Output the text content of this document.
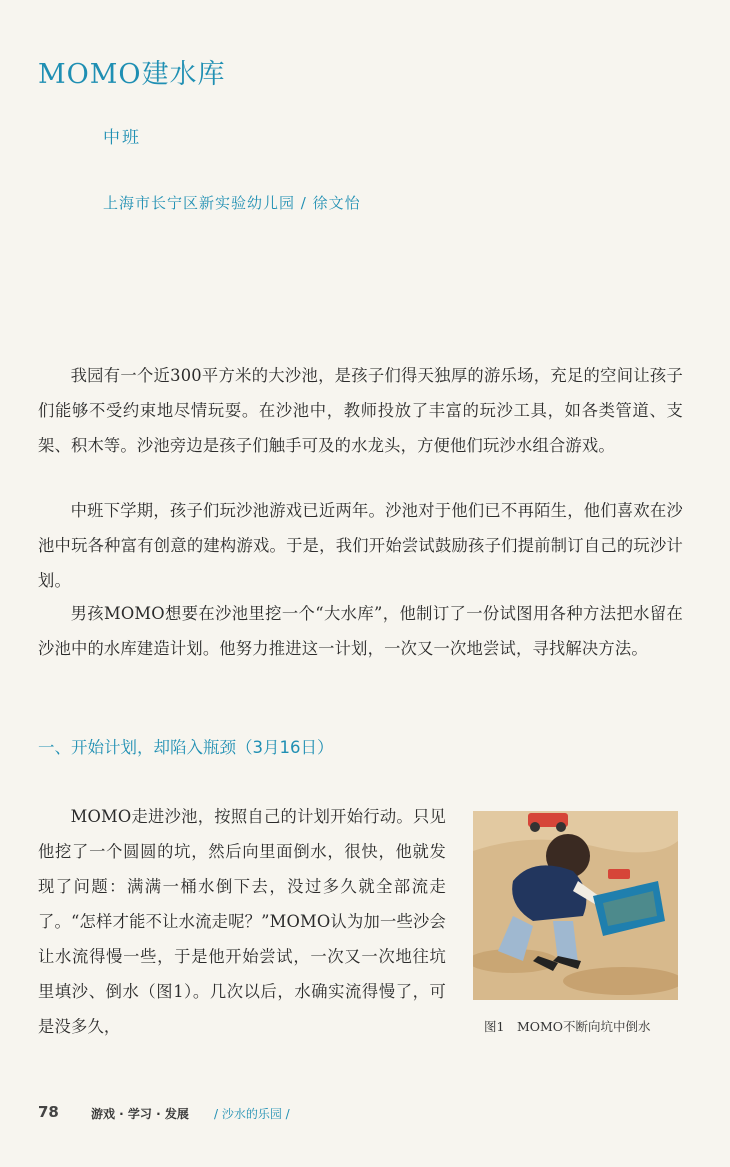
MOMO建水库
中班
上海市长宁区新实验幼儿园 / 徐文怡

我园有一个近300平方米的大沙池，是孩子们得天独厚的游乐场，充足的空间让孩子们能够不受约束地尽情玩耍。在沙池中，教师投放了丰富的玩沙工具，如各类管道、支架、积木等。沙池旁边是孩子们触手可及的水龙头，方便他们玩沙水组合游戏。

中班下学期，孩子们玩沙池游戏已近两年。沙池对于他们已不再陌生，他们喜欢在沙池中玩各种富有创意的建构游戏。于是，我们开始尝试鼓励孩子们提前制订自己的玩沙计划。

男孩MOMO想要在沙池里挖一个“大水库”，他制订了一份试图用各种方法把水留在沙池中的水库建造计划。他努力推进这一计划，一次又一次地尝试，寻找解决方法。

一、开始计划，却陷入瓶颈（3月16日）

MOMO走进沙池，按照自己的计划开始行动。只见他挖了一个圆圆的坑，然后向里面倒水，很快，他就发现了问题：满满一桶水倒下去，没过多久就全部流走了。“怎样才能不让水流走呢？”MOMO认为加一些沙会让水流得慢一些，于是他开始尝试，一次又一次地往坑里填沙、倒水（图1）。几次以后，水确实流得慢了，可是没多久，	图1　MOMO不断向坑中倒水
78	游戏 · 学习 · 发展 / 沙水的乐园 /
